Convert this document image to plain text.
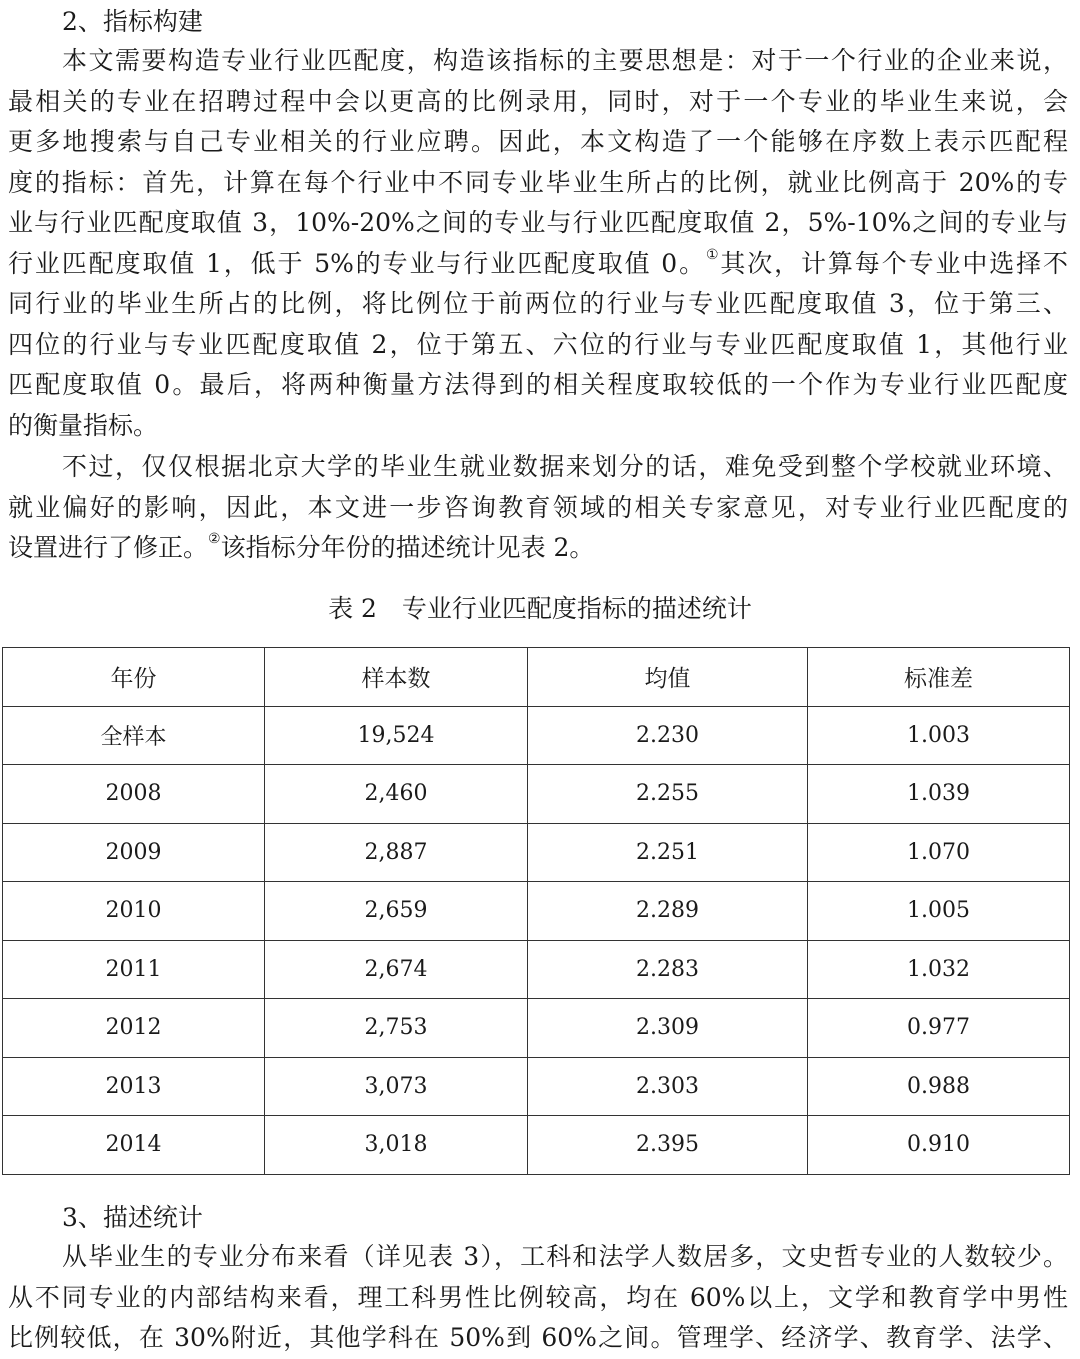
2、指标构建
本文需要构造专业行业匹配度，构造该指标的主要思想是：对于一个行业的企业来说，
最相关的专业在招聘过程中会以更高的比例录用，同时，对于一个专业的毕业生来说，会
更多地搜索与自己专业相关的行业应聘。因此，本文构造了一个能够在序数上表示匹配程
度的指标：首先，计算在每个行业中不同专业毕业生所占的比例，就业比例高于 20%的专
业与行业匹配度取值 3，10%-20%之间的专业与行业匹配度取值 2，5%-10%之间的专业与
行业匹配度取值 1，低于 5%的专业与行业匹配度取值 0。①其次，计算每个专业中选择不
同行业的毕业生所占的比例，将比例位于前两位的行业与专业匹配度取值 3，位于第三、
四位的行业与专业匹配度取值 2，位于第五、六位的行业与专业匹配度取值 1，其他行业
匹配度取值 0。最后，将两种衡量方法得到的相关程度取较低的一个作为专业行业匹配度
的衡量指标。
不过，仅仅根据北京大学的毕业生就业数据来划分的话，难免受到整个学校就业环境、
就业偏好的影响，因此，本文进一步咨询教育领域的相关专家意见，对专业行业匹配度的
设置进行了修正。②该指标分年份的描述统计见表 2。
表 2　专业行业匹配度指标的描述统计
年份	样本数	均值	标准差
全样本	19,524	2.230	1.003
2008	2,460	2.255	1.039
2009	2,887	2.251	1.070
2010	2,659	2.289	1.005
2011	2,674	2.283	1.032
2012	2,753	2.309	0.977
2013	3,073	2.303	0.988
2014	3,018	2.395	0.910
3、描述统计
从毕业生的专业分布来看（详见表 3），工科和法学人数居多，文史哲专业的人数较少。
从不同专业的内部结构来看，理工科男性比例较高，均在 60%以上，文学和教育学中男性
比例较低，在 30%附近，其他学科在 50%到 60%之间。管理学、经济学、教育学、法学、
